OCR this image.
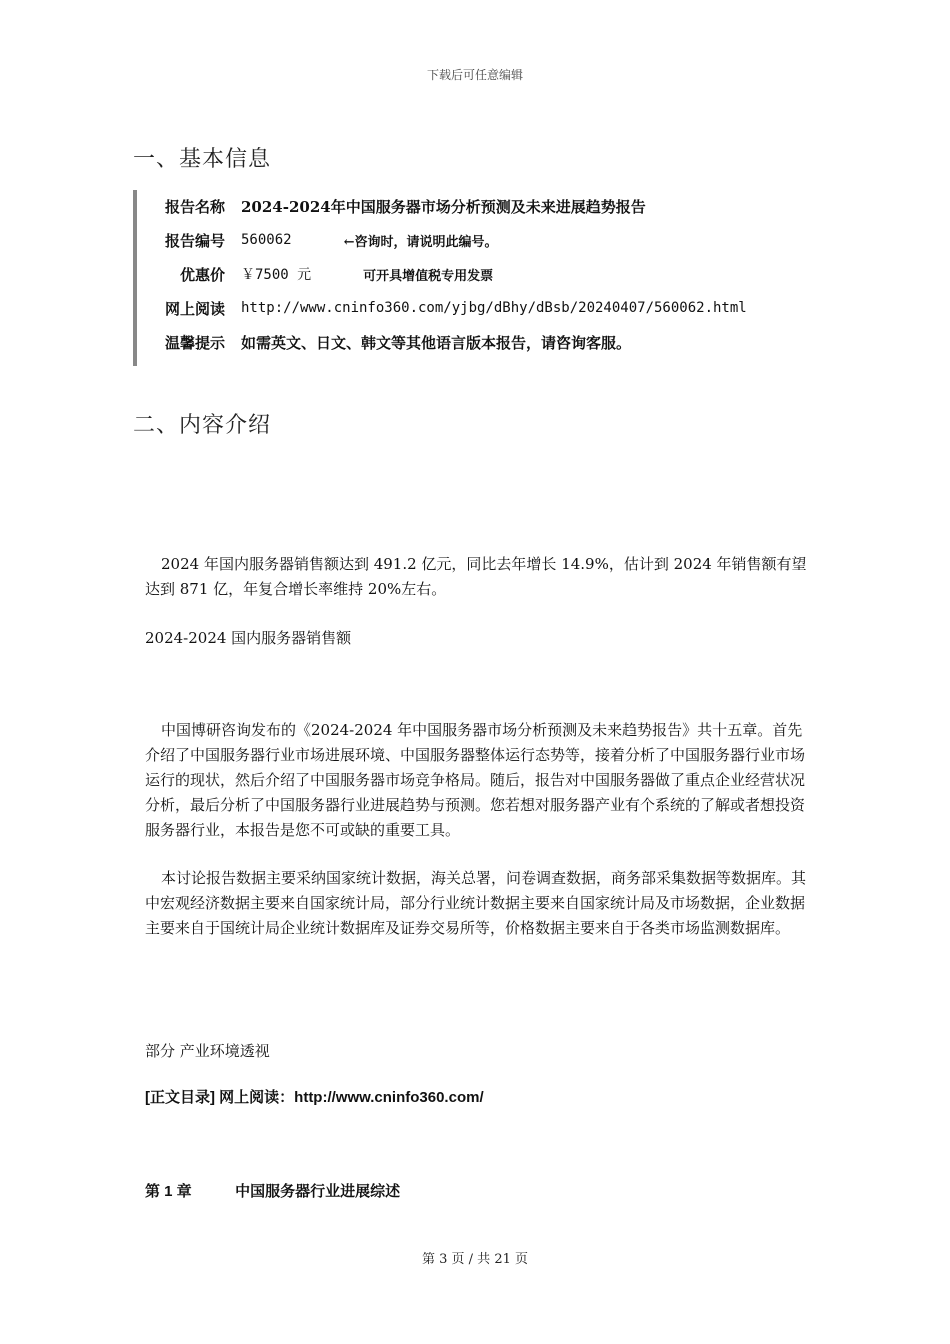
下载后可任意编辑
一、基本信息
报告名称	2024-2024年中国服务器市场分析预测及未来进展趋势报告
报告编号	560062	←咨询时，请说明此编号。
优惠价	￥7500 元	可开具增值税专用发票
网上阅读	http://www.cninfo360.com/yjbg/dBhy/dBsb/20240407/560062.html
温馨提示	如需英文、日文、韩文等其他语言版本报告，请咨询客服。
二、内容介绍

2024 年国内服务器销售额达到 491.2 亿元，同比去年增长 14.9%，估计到 2024 年销售额有望达到 871 亿，年复合增长率维持 20%左右。

2024-2024 国内服务器销售额

中国博研咨询发布的《2024-2024 年中国服务器市场分析预测及未来趋势报告》共十五章。首先介绍了中国服务器行业市场进展环境、中国服务器整体运行态势等，接着分析了中国服务器行业市场运行的现状，然后介绍了中国服务器市场竞争格局。随后，报告对中国服务器做了重点企业经营状况分析，最后分析了中国服务器行业进展趋势与预测。您若想对服务器产业有个系统的了解或者想投资服务器行业，本报告是您不可或缺的重要工具。

本讨论报告数据主要采纳国家统计数据，海关总署，问卷调查数据，商务部采集数据等数据库。其中宏观经济数据主要来自国家统计局，部分行业统计数据主要来自国家统计局及市场数据，企业数据主要来自于国统计局企业统计数据库及证券交易所等，价格数据主要来自于各类市场监测数据库。

部分 产业环境透视
[正文目录] 网上阅读：http://www.cninfo360.com/
第 1 章	中国服务器行业进展综述
第 3 页 / 共 21 页
